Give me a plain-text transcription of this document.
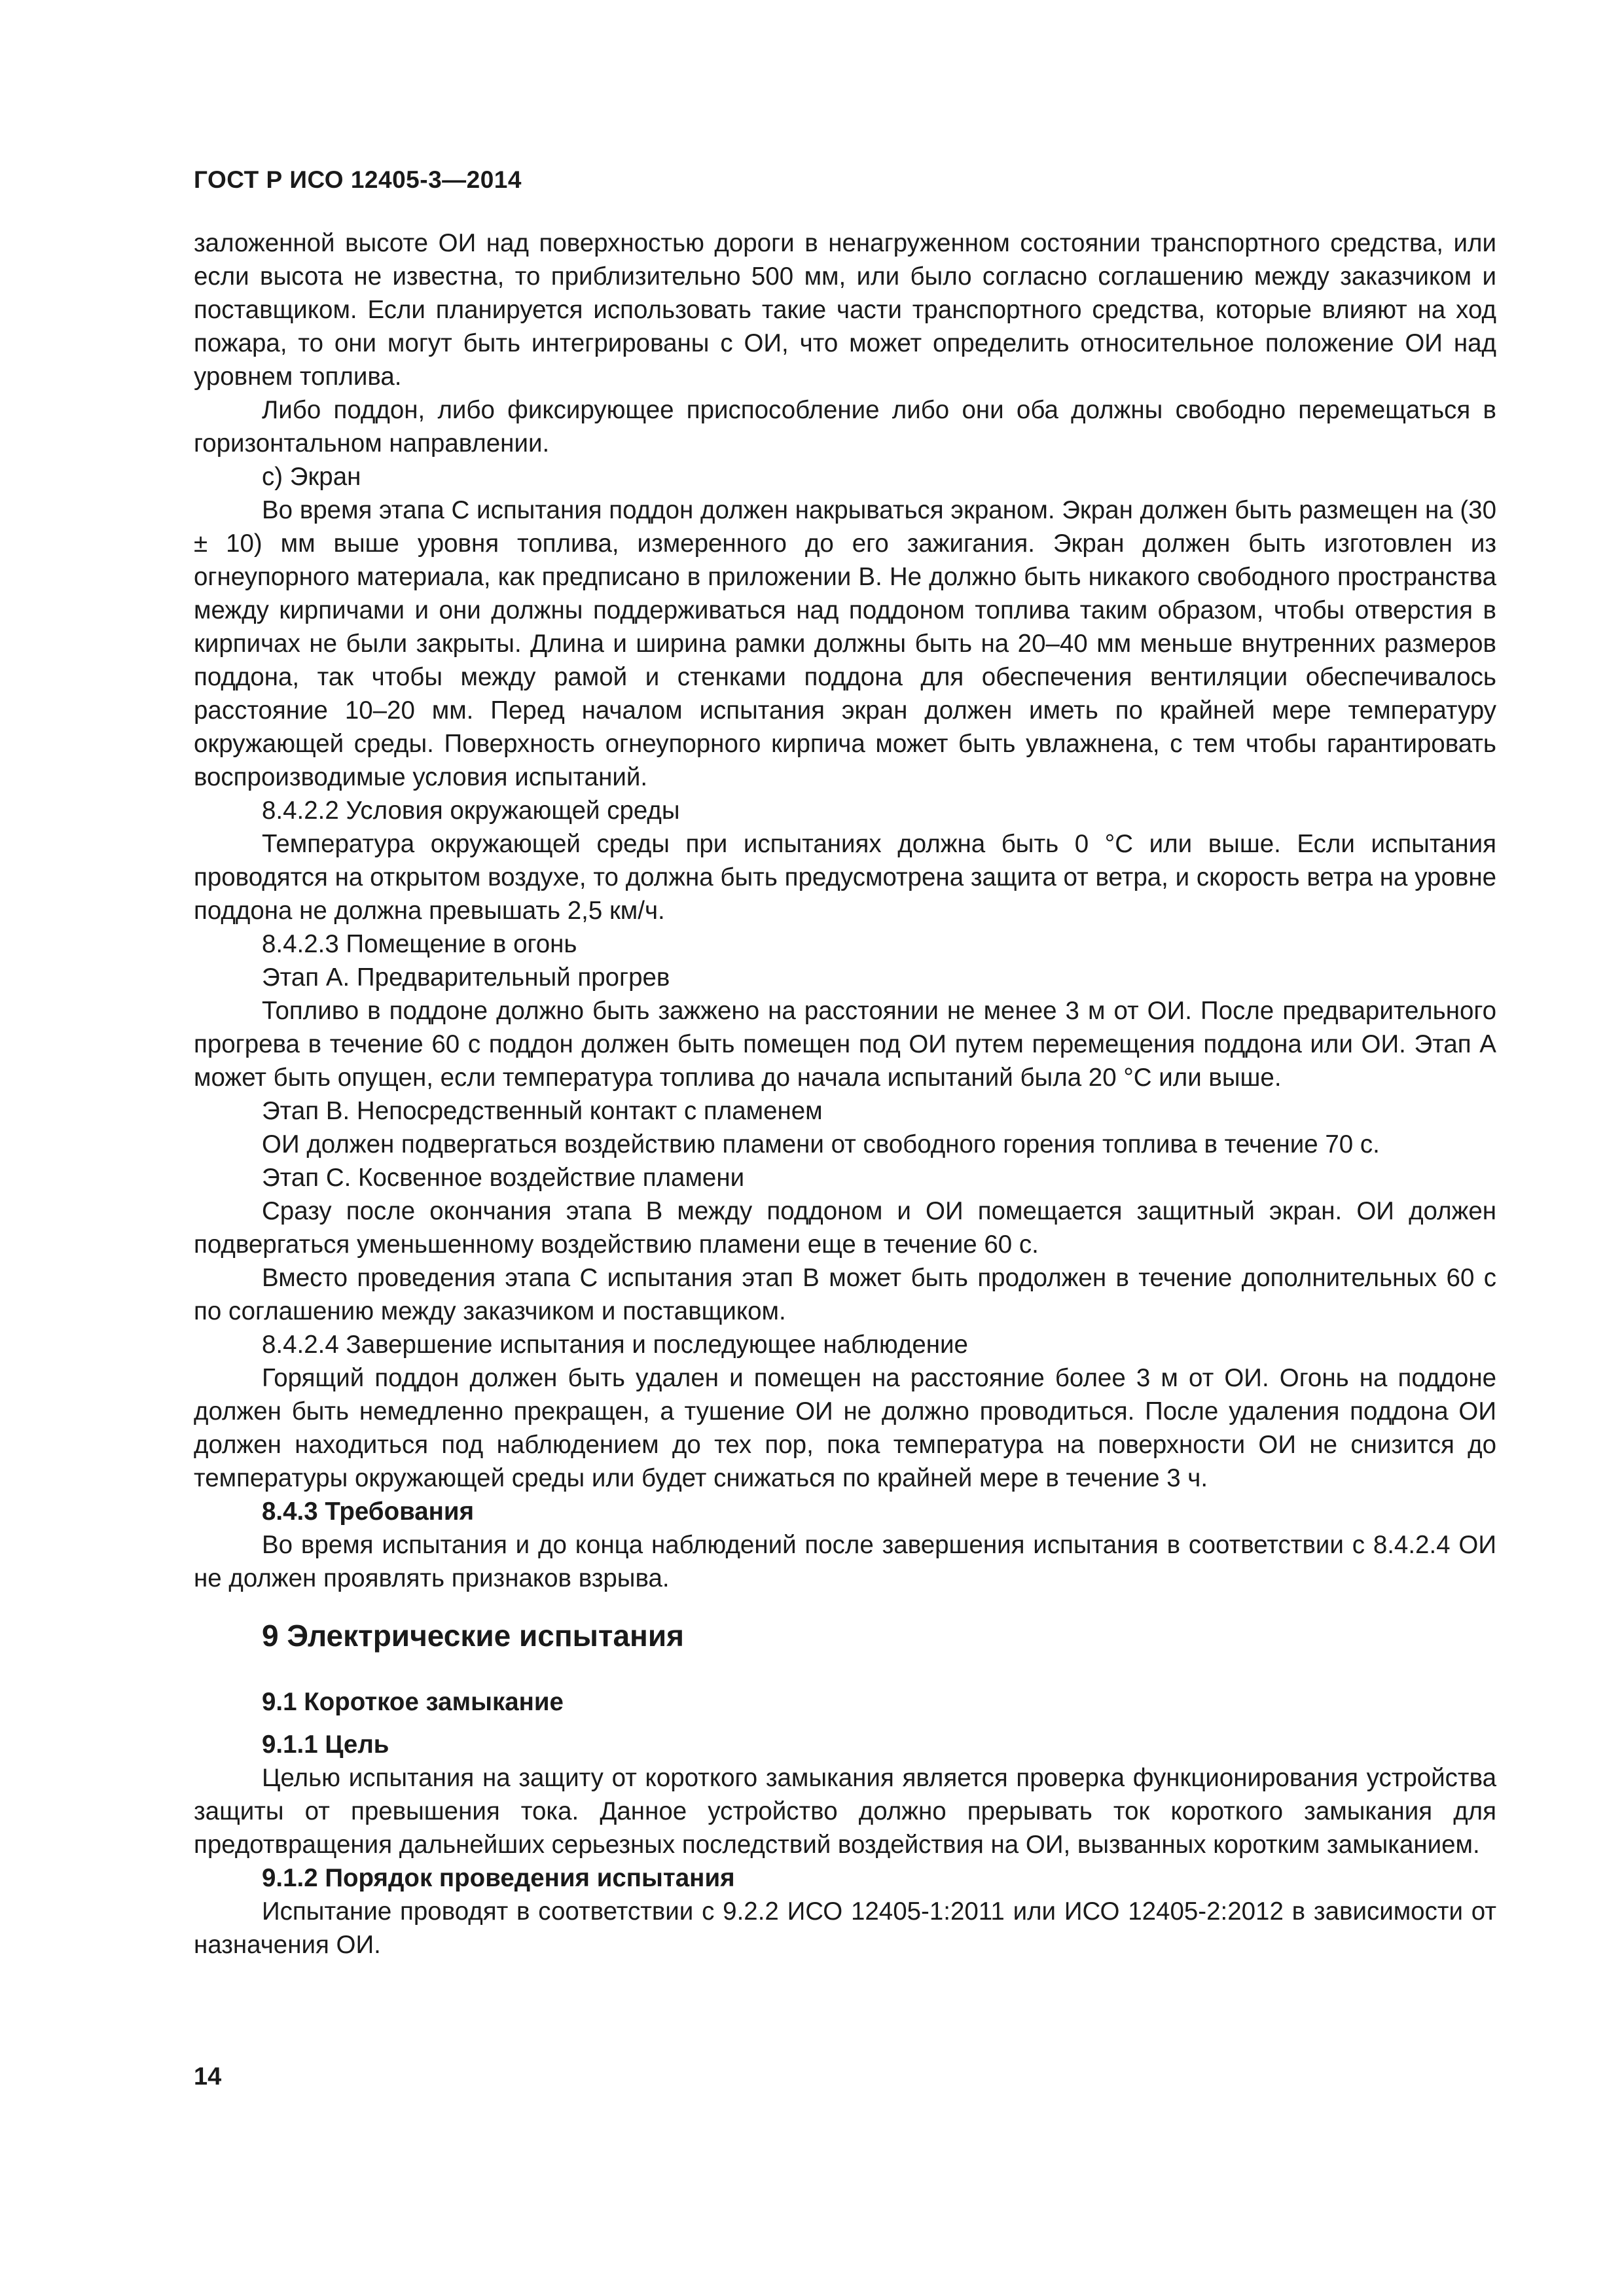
ГОСТ Р ИСО 12405-3—2014

заложенной высоте ОИ над поверхностью дороги в ненагруженном состоянии транспортного средства, или если высота не известна, то приблизительно 500 мм, или было согласно соглашению между заказчиком и поставщиком. Если планируется использовать такие части транспортного средства, которые влияют на ход пожара, то они могут быть интегрированы с ОИ, что может определить относительное положение ОИ над уровнем топлива.

Либо поддон, либо фиксирующее приспособление либо они оба должны свободно перемещаться в горизонтальном направлении.

с) Экран

Во время этапа С испытания поддон должен накрываться экраном. Экран должен быть размещен на (30 ± 10) мм выше уровня топлива, измеренного до его зажигания. Экран должен быть изготовлен из огнеупорного материала, как предписано в приложении В. Не должно быть никакого свободного пространства между кирпичами и они должны поддерживаться над поддоном топлива таким образом, чтобы отверстия в кирпичах не были закрыты. Длина и ширина рамки должны быть на 20–40 мм меньше внутренних размеров поддона, так чтобы между рамой и стенками поддона для обеспечения вентиляции обеспечивалось расстояние 10–20 мм. Перед началом испытания экран должен иметь по крайней мере температуру окружающей среды. Поверхность огнеупорного кирпича может быть увлажнена, с тем чтобы гарантировать воспроизводимые условия испытаний.

8.4.2.2 Условия окружающей среды

Температура окружающей среды при испытаниях должна быть 0 °С или выше. Если испытания проводятся на открытом воздухе, то должна быть предусмотрена защита от ветра, и скорость ветра на уровне поддона не должна превышать 2,5 км/ч.

8.4.2.3 Помещение в огонь

Этап А. Предварительный прогрев

Топливо в поддоне должно быть зажжено на расстоянии не менее 3 м от ОИ. После предварительного прогрева в течение 60 с поддон должен быть помещен под ОИ путем перемещения поддона или ОИ. Этап А может быть опущен, если температура топлива до начала испытаний была 20 °С или выше.

Этап В. Непосредственный контакт с пламенем

ОИ должен подвергаться воздействию пламени от свободного горения топлива в течение 70 с.

Этап С. Косвенное воздействие пламени

Сразу после окончания этапа В между поддоном и ОИ помещается защитный экран. ОИ должен подвергаться уменьшенному воздействию пламени еще в течение 60 с.

Вместо проведения этапа С испытания этап В может быть продолжен в течение дополнительных 60 с по соглашению между заказчиком и поставщиком.

8.4.2.4 Завершение испытания и последующее наблюдение

Горящий поддон должен быть удален и помещен на расстояние более 3 м от ОИ. Огонь на поддоне должен быть немедленно прекращен, а тушение ОИ не должно проводиться. После удаления поддона ОИ должен находиться под наблюдением до тех пор, пока температура на поверхности ОИ не снизится до температуры окружающей среды или будет снижаться по крайней мере в течение 3 ч.

8.4.3 Требования

Во время испытания и до конца наблюдений после завершения испытания в соответствии с 8.4.2.4 ОИ не должен проявлять признаков взрыва.

9 Электрические испытания
9.1 Короткое замыкание
9.1.1 Цель

Целью испытания на защиту от короткого замыкания является проверка функционирования устройства защиты от превышения тока. Данное устройство должно прерывать ток короткого замыкания для предотвращения дальнейших серьезных последствий воздействия на ОИ, вызванных коротким замыканием.

9.1.2 Порядок проведения испытания

Испытание проводят в соответствии с 9.2.2 ИСО 12405-1:2011 или ИСО 12405-2:2012 в зависимости от назначения ОИ.

14
